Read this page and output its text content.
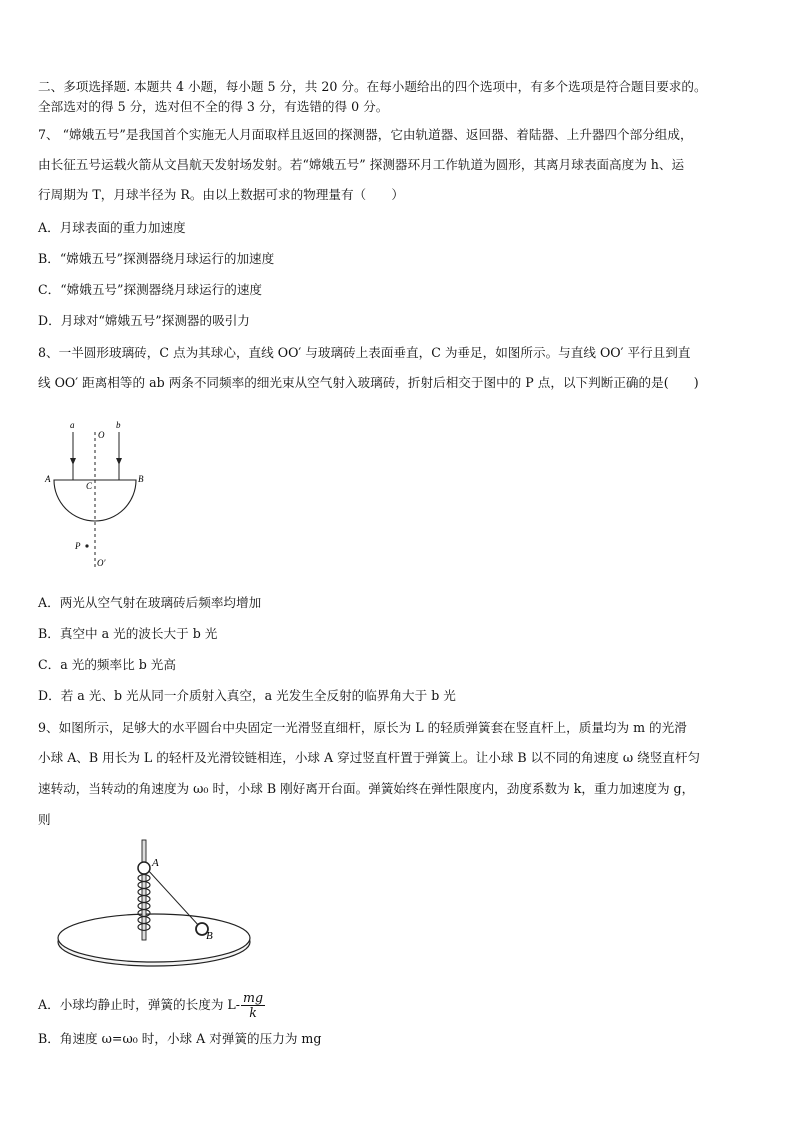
二、多项选择题. 本题共 4 小题，每小题 5 分，共 20 分。在每小题给出的四个选项中，有多个选项是符合题目要求的。
全部选对的得 5 分，选对但不全的得 3 分，有选错的得 0 分。
7、 “嫦娥五号”是我国首个实施无人月面取样且返回的探测器，它由轨道器、返回器、着陆器、上升器四个部分组成，
由长征五号运载火箭从文昌航天发射场发射。若“嫦娥五号” 探测器环月工作轨道为圆形，其离月球表面高度为 h、运
行周期为 T，月球半径为 R。由以上数据可求的物理量有（　　）
A．月球表面的重力加速度
B．“嫦娥五号”探测器绕月球运行的加速度
C．“嫦娥五号”探测器绕月球运行的速度
D．月球对“嫦娥五号”探测器的吸引力
8、一半圆形玻璃砖，C 点为其球心，直线 OO′ 与玻璃砖上表面垂直，C 为垂足，如图所示。与直线 OO′ 平行且到直
线 OO′ 距离相等的 ab 两条不同频率的细光束从空气射入玻璃砖，折射后相交于图中的 P 点，以下判断正确的是(　　)
a	b
O
A	B
C
P
O′
A．两光从空气射在玻璃砖后频率均增加
B．真空中 a 光的波长大于 b 光
C．a 光的频率比 b 光高
D．若 a 光、b 光从同一介质射入真空，a 光发生全反射的临界角大于 b 光
9、如图所示，足够大的水平圆台中央固定一光滑竖直细杆，原长为 L 的轻质弹簧套在竖直杆上，质量均为 m 的光滑
小球 A、B 用长为 L 的轻杆及光滑铰链相连，小球 A 穿过竖直杆置于弹簧上。让小球 B 以不同的角速度 ω 绕竖直杆匀
速转动，当转动的角速度为 ω₀ 时，小球 B 刚好离开台面。弹簧始终在弹性限度内，劲度系数为 k，重力加速度为 g，
则
A
B
A．小球均静止时，弹簧的长度为 $L- \frac{mg}{k}$
B．角速度 ω=ω₀ 时，小球 A 对弹簧的压力为 mg
